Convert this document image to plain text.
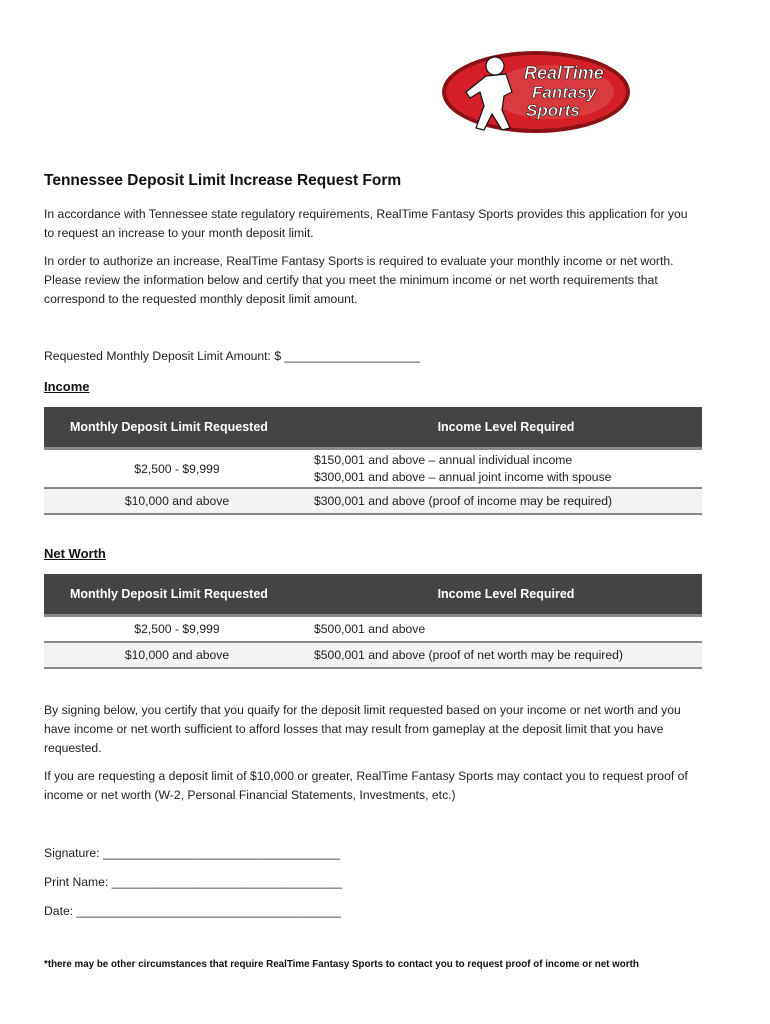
RealTime
Fantasy
Sports
Tennessee Deposit Limit Increase Request Form

In accordance with Tennessee state regulatory requirements, RealTime Fantasy Sports provides this application for you
to request an increase to your month deposit limit.

In order to authorize an increase, RealTime Fantasy Sports is required to evaluate your monthly income or net worth.
Please review the information below and certify that you meet the minimum income or net worth requirements that
correspond to the requested monthly deposit limit amount.

Requested Monthly Deposit Limit Amount: $ ____________________
Income
Monthly Deposit Limit Requested	Income Level Required
$2,500 - $9,999	$150,001 and above – annual individual income
$300,001 and above – annual joint income with spouse
$10,000 and above	$300,001 and above (proof of income may be required)
Net Worth
Monthly Deposit Limit Requested	Income Level Required
$2,500 - $9,999	$500,001 and above
$10,000 and above	$500,001 and above (proof of net worth may be required)

By signing below, you certify that you quaify for the deposit limit requested based on your income or net worth and you
have income or net worth sufficient to afford losses that may result from gameplay at the deposit limit that you have
requested.

If you are requesting a deposit limit of $10,000 or greater, RealTime Fantasy Sports may contact you to request proof of
income or net worth (W-2, Personal Financial Statements, Investments, etc.)

Signature: ___________________________________
Print Name: __________________________________
Date: _______________________________________
*there may be other circumstances that require RealTime Fantasy Sports to contact you to request proof of income or net worth
